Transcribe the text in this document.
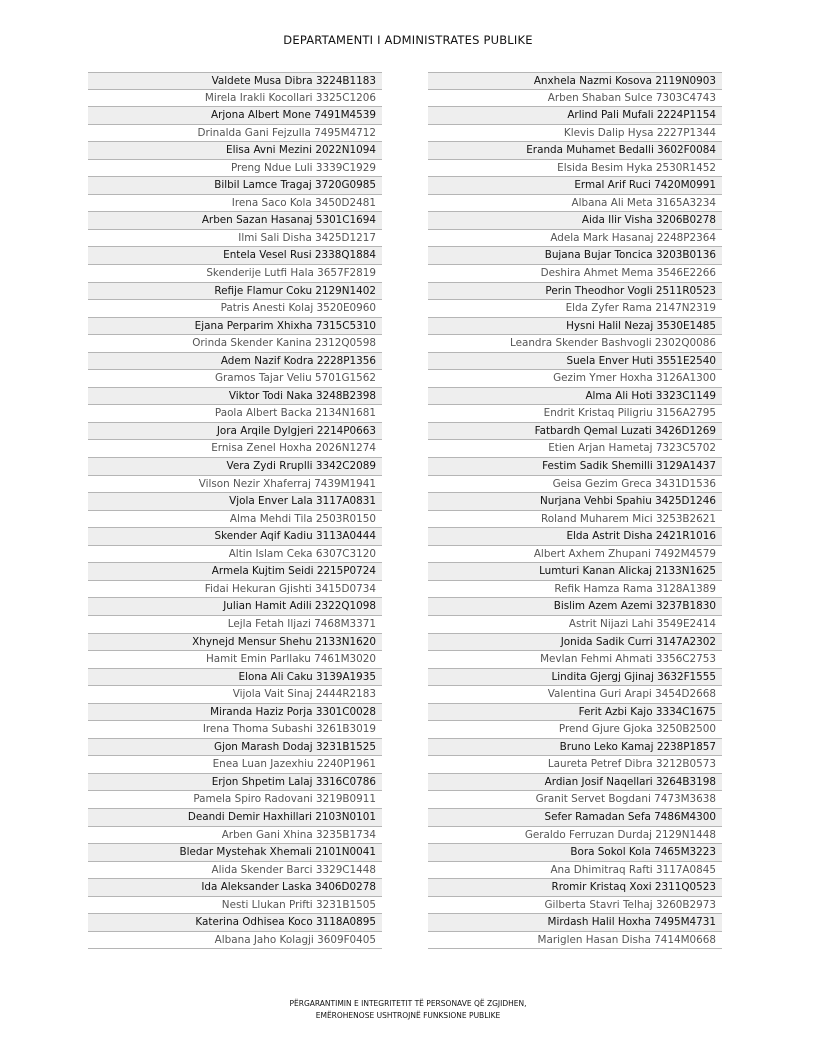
DEPARTAMENTI I ADMINISTRATES PUBLIKE
Valdete Musa Dibra 3224B1183
Mirela Irakli Kocollari 3325C1206
Arjona Albert Mone 7491M4539
Drinalda Gani Fejzulla 7495M4712
Elisa Avni Mezini 2022N1094
Preng Ndue Luli 3339C1929
Bilbil Lamce Tragaj 3720G0985
Irena Saco Kola 3450D2481
Arben Sazan Hasanaj 5301C1694
Ilmi Sali Disha 3425D1217
Entela Vesel Rusi 2338Q1884
Skenderije Lutfi Hala 3657F2819
Refije Flamur Coku 2129N1402
Patris Anesti Kolaj 3520E0960
Ejana Perparim Xhixha 7315C5310
Orinda Skender Kanina 2312Q0598
Adem Nazif Kodra 2228P1356
Gramos Tajar Veliu 5701G1562
Viktor Todi Naka 3248B2398
Paola Albert Backa 2134N1681
Jora Arqile Dylgjeri 2214P0663
Ernisa Zenel Hoxha 2026N1274
Vera Zydi Rruplli 3342C2089
Vilson Nezir Xhaferraj 7439M1941
Vjola Enver Lala 3117A0831
Alma Mehdi Tila 2503R0150
Skender Aqif Kadiu 3113A0444
Altin Islam Ceka 6307C3120
Armela Kujtim Seidi 2215P0724
Fidai Hekuran Gjishti 3415D0734
Julian Hamit Adili 2322Q1098
Lejla Fetah Iljazi 7468M3371
Xhynejd Mensur Shehu 2133N1620
Hamit Emin Parllaku 7461M3020
Elona Ali Caku 3139A1935
Vijola Vait Sinaj 2444R2183
Miranda Haziz Porja 3301C0028
Irena Thoma Subashi 3261B3019
Gjon Marash Dodaj 3231B1525
Enea Luan Jazexhiu 2240P1961
Erjon Shpetim Lalaj 3316C0786
Pamela Spiro Radovani 3219B0911
Deandi Demir Haxhillari 2103N0101
Arben Gani Xhina 3235B1734
Bledar Mystehak Xhemali 2101N0041
Alida Skender Barci 3329C1448
Ida Aleksander Laska 3406D0278
Nesti Llukan Prifti 3231B1505
Katerina Odhisea Koco 3118A0895
Albana Jaho Kolagji 3609F0405
Anxhela Nazmi Kosova 2119N0903
Arben Shaban Sulce 7303C4743
Arlind Pali Mufali 2224P1154
Klevis Dalip Hysa 2227P1344
Eranda Muhamet Bedalli 3602F0084
Elsida Besim Hyka 2530R1452
Ermal Arif Ruci 7420M0991
Albana Ali Meta 3165A3234
Aida Ilir Visha 3206B0278
Adela Mark Hasanaj 2248P2364
Bujana Bujar Toncica 3203B0136
Deshira Ahmet Mema 3546E2266
Perin Theodhor Vogli 2511R0523
Elda Zyfer Rama 2147N2319
Hysni Halil Nezaj 3530E1485
Leandra Skender Bashvogli 2302Q0086
Suela Enver Huti 3551E2540
Gezim Ymer Hoxha 3126A1300
Alma Ali Hoti 3323C1149
Endrit Kristaq Piligriu 3156A2795
Fatbardh Qemal Luzati 3426D1269
Etien Arjan Hametaj 7323C5702
Festim Sadik Shemilli 3129A1437
Geisa Gezim Greca 3431D1536
Nurjana Vehbi Spahiu 3425D1246
Roland Muharem Mici 3253B2621
Elda Astrit Disha 2421R1016
Albert Axhem Zhupani 7492M4579
Lumturi Kanan Alickaj 2133N1625
Refik Hamza Rama 3128A1389
Bislim Azem Azemi 3237B1830
Astrit Nijazi Lahi 3549E2414
Jonida Sadik Curri 3147A2302
Mevlan Fehmi Ahmati 3356C2753
Lindita Gjergj Gjinaj 3632F1555
Valentina Guri Arapi 3454D2668
Ferit Azbi Kajo 3334C1675
Prend Gjure Gjoka 3250B2500
Bruno Leko Kamaj 2238P1857
Laureta Petref Dibra 3212B0573
Ardian Josif Naqellari 3264B3198
Granit Servet Bogdani 7473M3638
Sefer Ramadan Sefa 7486M4300
Geraldo Ferruzan Durdaj 2129N1448
Bora Sokol Kola 7465M3223
Ana Dhimitraq Rafti 3117A0845
Rromir Kristaq Xoxi 2311Q0523
Gilberta Stavri Telhaj 3260B2973
Mirdash Halil Hoxha 7495M4731
Mariglen Hasan Disha 7414M0668
PËRGARANTIMIN E INTEGRITETIT TË PERSONAVE QË ZGJIDHEN,
EMËROHENOSE USHTROJNË FUNKSIONE PUBLIKE
